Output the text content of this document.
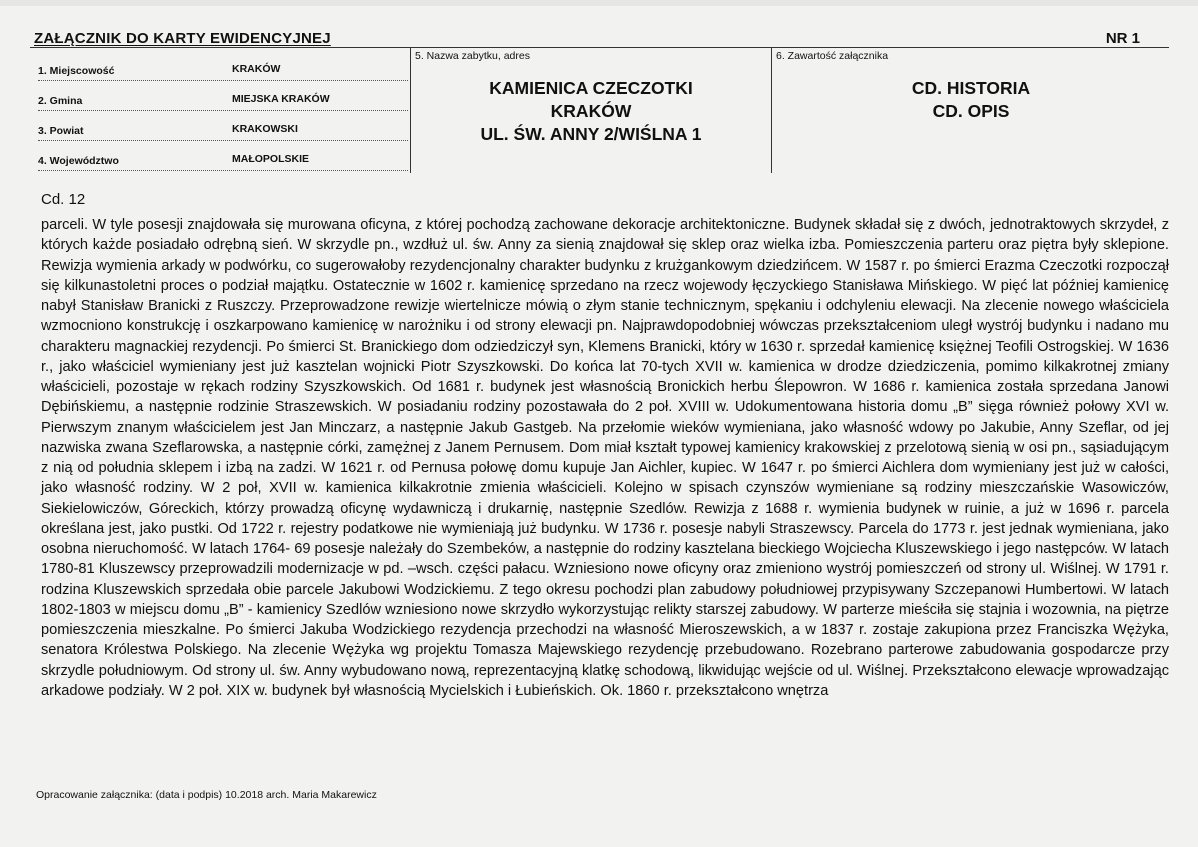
ZAŁĄCZNIK DO KARTY EWIDENCYJNEJ	NR 1
1. Miejscowość	KRAKÓW
2. Gmina	MIEJSKA KRAKÓW
3. Powiat	KRAKOWSKI
4. Województwo	MAŁOPOLSKIE
5. Nazwa zabytku, adres
KAMIENICA CZECZOTKI
KRAKÓW
UL. ŚW. ANNY 2/WIŚLNA 1
6. Zawartość załącznika
CD. HISTORIA
CD. OPIS
Cd. 12
parceli. W tyle posesji znajdowała się murowana oficyna, z której pochodzą zachowane dekoracje architektoniczne. Budynek składał się z dwóch, jednotraktowych skrzydeł, z których każde posiadało odrębną sień. W skrzydle pn., wzdłuż ul. św. Anny za sienią znajdował się sklep oraz wielka izba. Pomieszczenia parteru oraz piętra były sklepione. Rewizja wymienia arkady w podwórku, co sugerowałoby rezydencjonalny charakter budynku z krużgankowym dziedzińcem. W 1587 r. po śmierci Erazma Czeczotki rozpoczął się kilkunastoletni proces o podział majątku. Ostatecznie w 1602 r. kamienicę sprzedano na rzecz wojewody łęczyckiego Stanisława Mińskiego. W pięć lat później kamienicę nabył Stanisław Branicki z Ruszczy. Przeprowadzone rewizje wiertelnicze mówią o złym stanie technicznym, spękaniu i odchyleniu elewacji. Na zlecenie nowego właściciela wzmocniono konstrukcję i oszkarpowano kamienicę w narożniku i od strony elewacji pn. Najprawdopodobniej wówczas przekształceniom uległ wystrój budynku i nadano mu charakteru magnackiej rezydencji. Po śmierci St. Branickiego dom odziedziczył syn, Klemens Branicki, który w 1630 r. sprzedał kamienicę księżnej Teofili Ostrogskiej. W 1636 r., jako właściciel wymieniany jest już kasztelan wojnicki Piotr Szyszkowski. Do końca lat 70-tych XVII w. kamienica w drodze dziedziczenia, pomimo kilkakrotnej zmiany właścicieli, pozostaje w rękach rodziny Szyszkowskich. Od 1681 r. budynek jest własnością Bronickich herbu Ślepowron. W 1686 r. kamienica została sprzedana Janowi Dębińskiemu, a następnie rodzinie Straszewskich. W posiadaniu rodziny pozostawała do 2 poł. XVIII w. Udokumentowana historia domu „B” sięga również połowy XVI w. Pierwszym znanym właścicielem jest Jan Minczarz, a następnie Jakub Gastgeb. Na przełomie wieków wymieniana, jako własność wdowy po Jakubie, Anny Szeflar, od jej nazwiska zwana Szeflarowska, a następnie córki, zamężnej z Janem Pernusem. Dom miał kształt typowej kamienicy krakowskiej z przelotową sienią w osi pn., sąsiadującym z nią od południa sklepem i izbą na zadzi. W 1621 r. od Pernusa połowę domu kupuje Jan Aichler, kupiec. W 1647 r. po śmierci Aichlera dom wymieniany jest już w całości, jako własność rodziny. W 2 poł, XVII w. kamienica kilkakrotnie zmienia właścicieli. Kolejno w spisach czynszów wymieniane są rodziny mieszczańskie Wasowiczów, Siekielowiczów, Góreckich, którzy prowadzą oficynę wydawniczą i drukarnię, następnie Szedlów. Rewizja z 1688 r. wymienia budynek w ruinie, a już w 1696 r. parcela określana jest, jako pustki. Od 1722 r. rejestry podatkowe nie wymieniają już budynku. W 1736 r. posesje nabyli Straszewscy. Parcela do 1773 r. jest jednak wymieniana, jako osobna nieruchomość. W latach 1764- 69 posesje należały do Szembeków, a następnie do rodziny kasztelana bieckiego Wojciecha Kluszewskiego i jego następców. W latach 1780-81 Kluszewscy przeprowadzili modernizacje w pd. –wsch. części pałacu. Wzniesiono nowe oficyny oraz zmieniono wystrój pomieszczeń od strony ul. Wiślnej. W 1791 r. rodzina Kluszewskich sprzedała obie parcele Jakubowi Wodzickiemu. Z tego okresu pochodzi plan zabudowy południowej przypisywany Szczepanowi Humbertowi. W latach 1802-1803 w miejscu domu „B” - kamienicy Szedlów wzniesiono nowe skrzydło wykorzystując relikty starszej zabudowy. W parterze mieściła się stajnia i wozownia, na piętrze pomieszczenia mieszkalne. Po śmierci Jakuba Wodzickiego rezydencja przechodzi na własność Mieroszewskich, a w 1837 r. zostaje zakupiona przez Franciszka Wężyka, senatora Królestwa Polskiego. Na zlecenie Wężyka wg projektu Tomasza Majewskiego rezydencję przebudowano. Rozebrano parterowe zabudowania gospodarcze przy skrzydle południowym. Od strony ul. św. Anny wybudowano nową, reprezentacyjną klatkę schodową, likwidując wejście od ul. Wiślnej. Przekształcono elewacje wprowadzając arkadowe podziały. W 2 poł. XIX w. budynek był własnością Mycielskich i Łubieńskich. Ok. 1860 r. przekształcono wnętrza
Opracowanie załącznika: (data i podpis) 10.2018 arch. Maria Makarewicz
